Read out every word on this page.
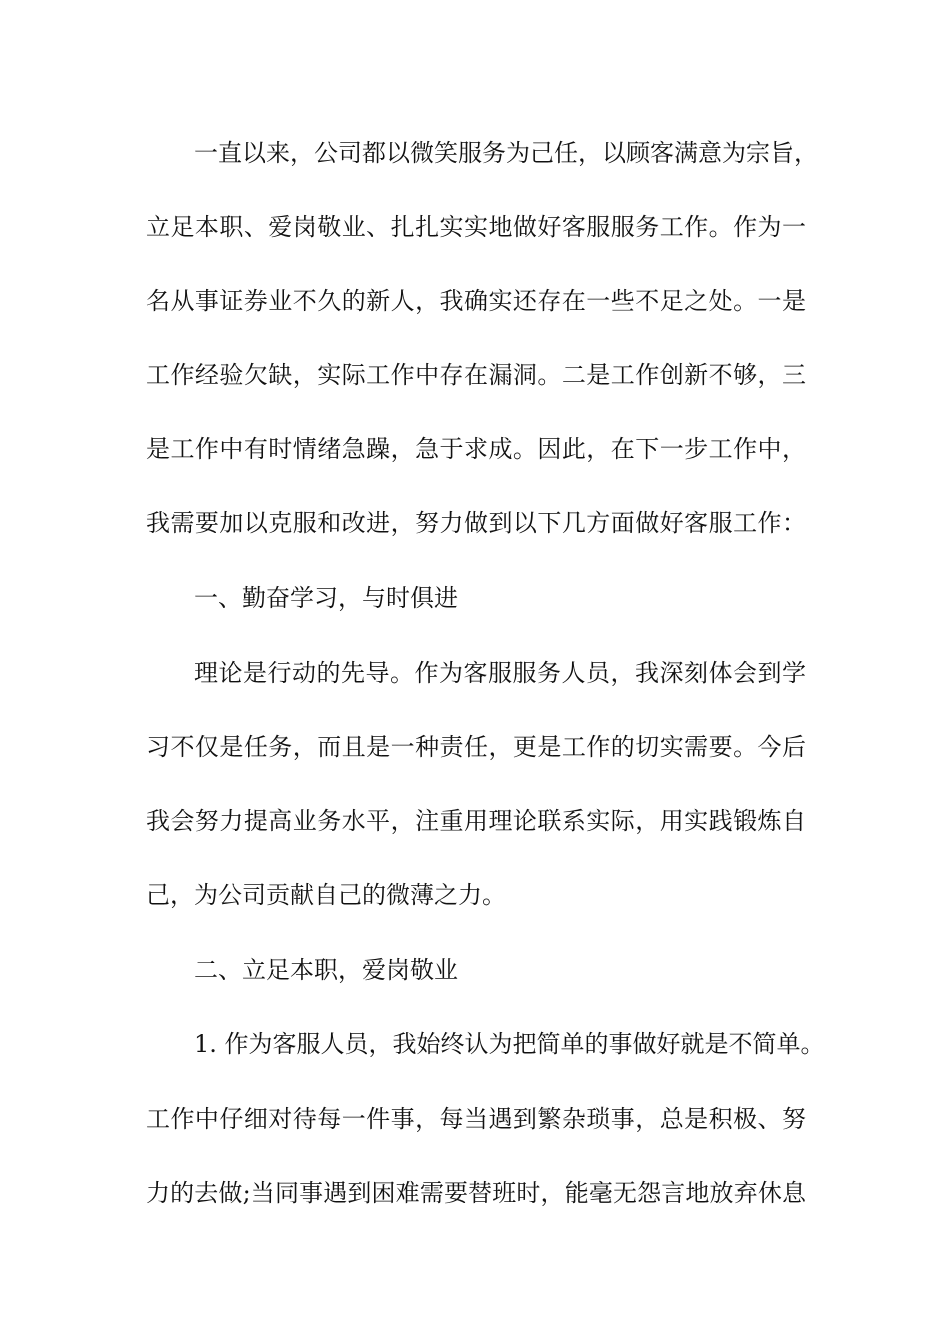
一直以来，公司都以微笑服务为己任，以顾客满意为宗旨，
立足本职、爱岗敬业、扎扎实实地做好客服服务工作。作为一
名从事证券业不久的新人，我确实还存在一些不足之处。一是
工作经验欠缺，实际工作中存在漏洞。二是工作创新不够，三
是工作中有时情绪急躁，急于求成。因此，在下一步工作中，
我需要加以克服和改进，努力做到以下几方面做好客服工作：
一、勤奋学习，与时俱进
理论是行动的先导。作为客服服务人员，我深刻体会到学
习不仅是任务，而且是一种责任，更是工作的切实需要。今后
我会努力提高业务水平，注重用理论联系实际，用实践锻炼自
己，为公司贡献自己的微薄之力。
二、立足本职，爱岗敬业
1. 作为客服人员，我始终认为把简单的事做好就是不简单。
工作中仔细对待每一件事，每当遇到繁杂琐事，总是积极、努
力的去做;当同事遇到困难需要替班时，能毫无怨言地放弃休息
